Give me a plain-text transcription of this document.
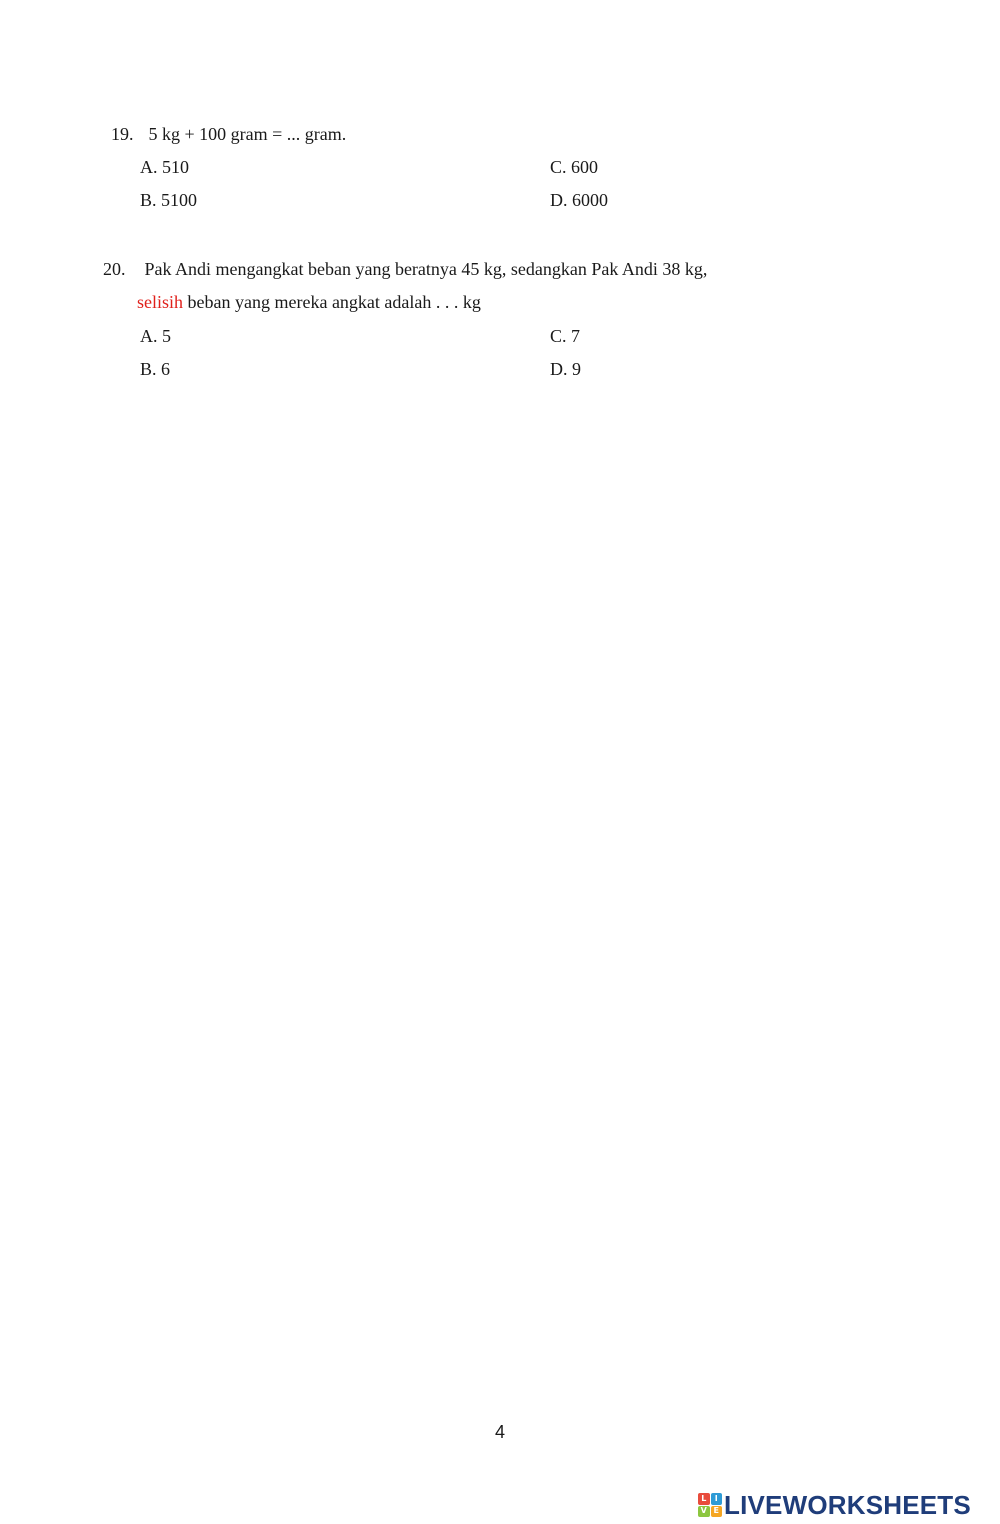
19. 5 kg + 100 gram = ... gram.
A. 510	C. 600
B. 5100	D. 6000
20. Pak Andi mengangkat beban yang beratnya 45 kg, sedangkan Pak Andi 38 kg,
selisih beban yang mereka angkat adalah . . . kg
A. 5	C. 7
B. 6	D. 9
4
L	I
V E LIVEWORKSHEETS
